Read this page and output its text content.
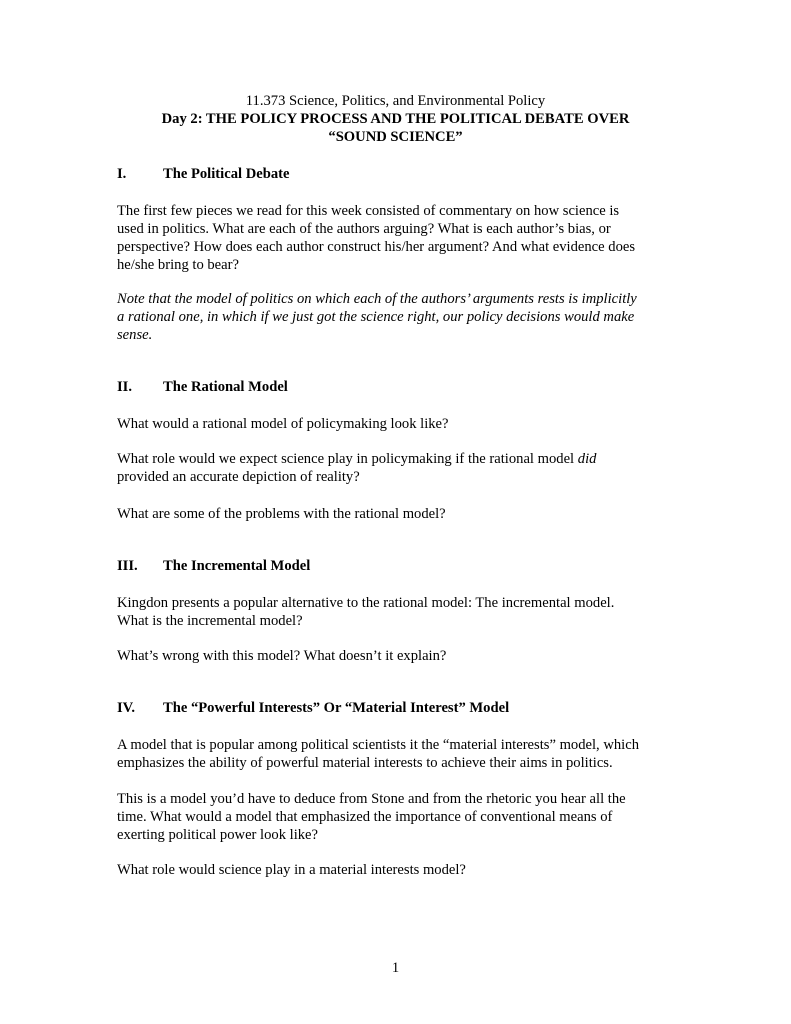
11.373 Science, Politics, and Environmental Policy
Day 2: THE POLICY PROCESS AND THE POLITICAL DEBATE OVER
“SOUND SCIENCE”
I.	The Political Debate

The first few pieces we read for this week consisted of commentary on how science is
used in politics. What are each of the authors arguing? What is each author’s bias, or
perspective? How does each author construct his/her argument? And what evidence does
he/she bring to bear?

Note that the model of politics on which each of the authors’ arguments rests is implicitly
a rational one, in which if we just got the science right, our policy decisions would make
sense.

II. The Rational Model

What would a rational model of policymaking look like?

What role would we expect science play in policymaking if the rational model did
provided an accurate depiction of reality?

What are some of the problems with the rational model?

III. The Incremental Model

Kingdon presents a popular alternative to the rational model: The incremental model.
What is the incremental model?

What’s wrong with this model? What doesn’t it explain?

IV. The “Powerful Interests” Or “Material Interest” Model

A model that is popular among political scientists it the “material interests” model, which
emphasizes the ability of powerful material interests to achieve their aims in politics.

This is a model you’d have to deduce from Stone and from the rhetoric you hear all the
time. What would a model that emphasized the importance of conventional means of
exerting political power look like?

What role would science play in a material interests model?

1
